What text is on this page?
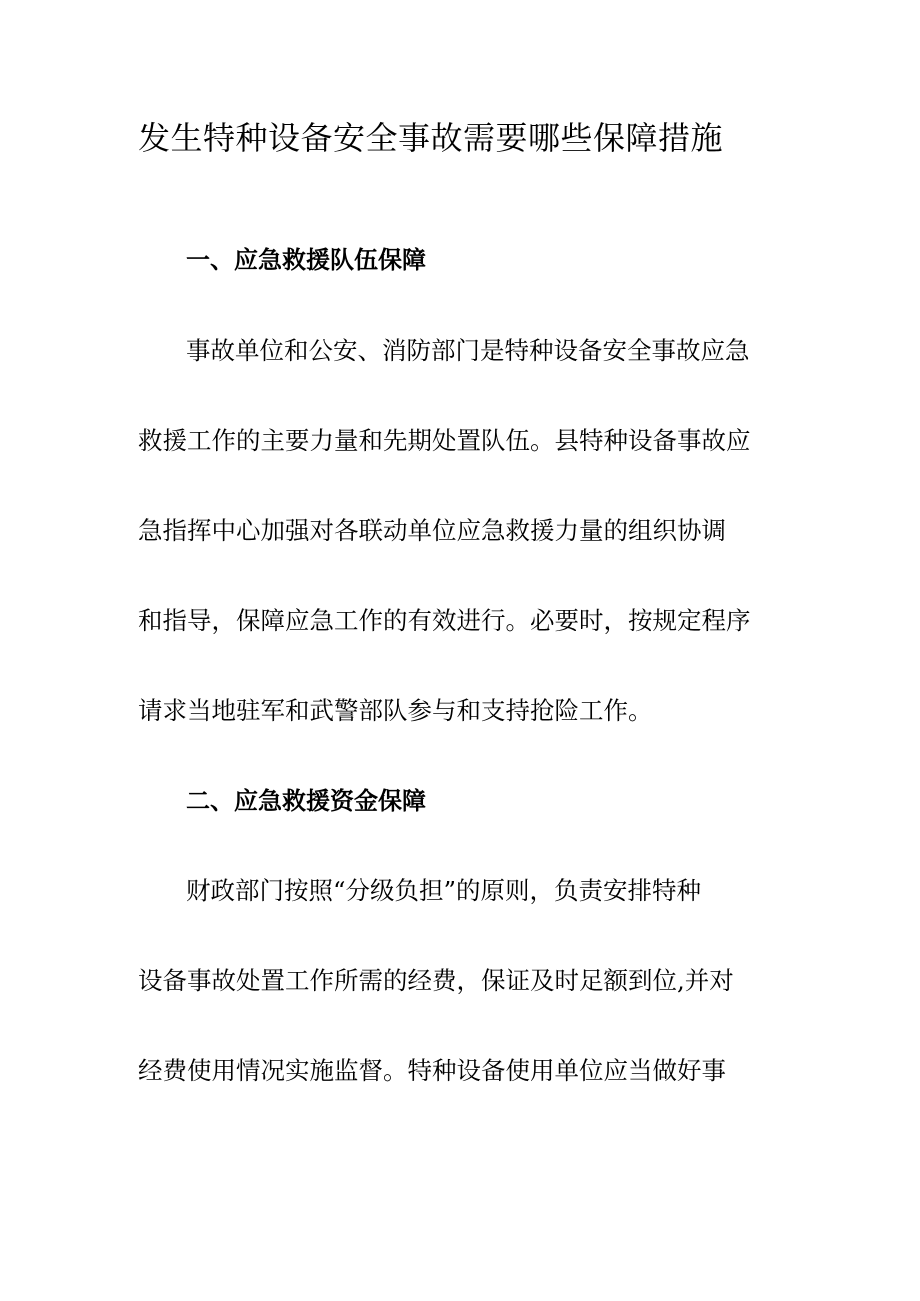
发生特种设备安全事故需要哪些保障措施
一、应急救援队伍保障

事故单位和公安、消防部门是特种设备安全事故应急

救援工作的主要力量和先期处置队伍。县特种设备事故应

急指挥中心加强对各联动单位应急救援力量的组织协调

和指导，保障应急工作的有效进行。必要时，按规定程序

请求当地驻军和武警部队参与和支持抢险工作。

二、应急救援资金保障

财政部门按照“分级负担”的原则，负责安排特种

设备事故处置工作所需的经费，保证及时足额到位,并对

经费使用情况实施监督。特种设备使用单位应当做好事
